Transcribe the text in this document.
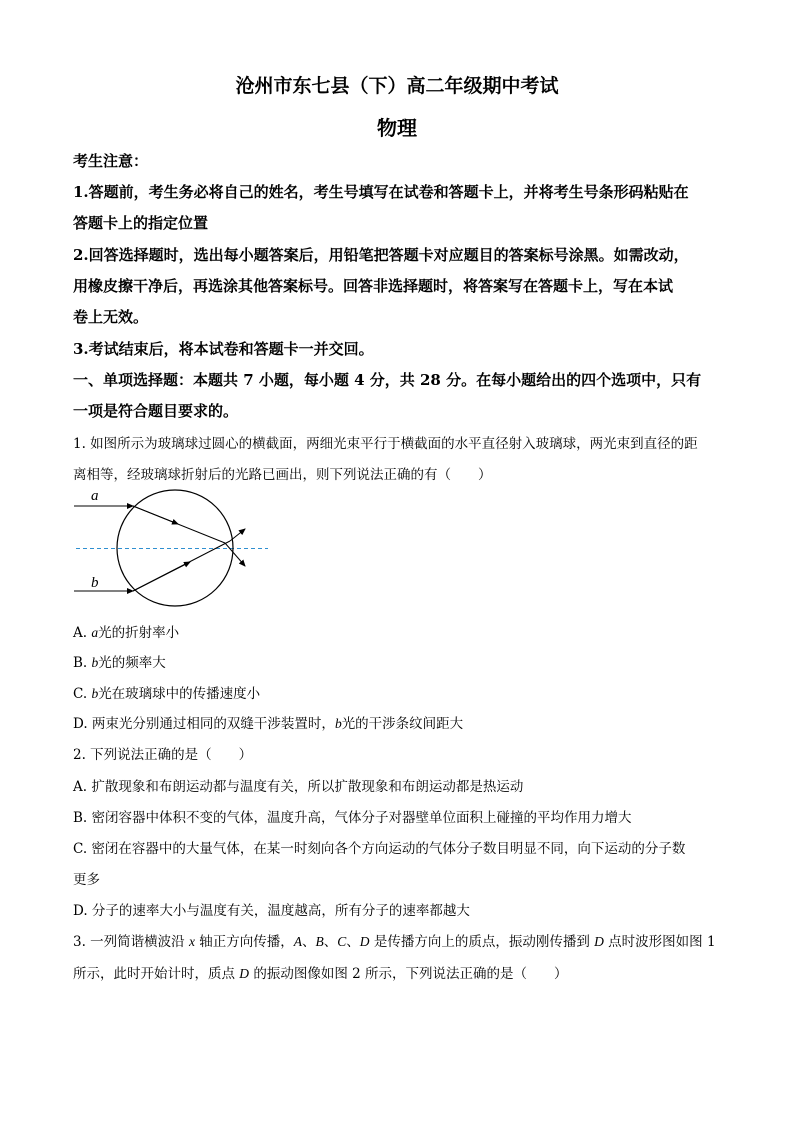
沧州市东七县（下）高二年级期中考试
物理
考生注意：
1.答题前，考生务必将自己的姓名，考生号填写在试卷和答题卡上，并将考生号条形码粘贴在
答题卡上的指定位置
2.回答选择题时，选出每小题答案后，用铅笔把答题卡对应题目的答案标号涂黑。如需改动，
用橡皮擦干净后，再选涂其他答案标号。回答非选择题时，将答案写在答题卡上，写在本试
卷上无效。
3.考试结束后，将本试卷和答题卡一并交回。
一、单项选择题：本题共 7 小题，每小题 4 分，共 28 分。在每小题给出的四个选项中，只有
一项是符合题目要求的。
1. 如图所示为玻璃球过圆心的横截面，两细光束平行于横截面的水平直径射入玻璃球，两光束到直径的距
离相等，经玻璃球折射后的光路已画出，则下列说法正确的有（　　）
a
b
A. a光的折射率小
B. b光的频率大
C. b光在玻璃球中的传播速度小
D. 两束光分别通过相同的双缝干涉装置时，b光的干涉条纹间距大
2. 下列说法正确的是（　　）
A. 扩散现象和布朗运动都与温度有关，所以扩散现象和布朗运动都是热运动
B. 密闭容器中体积不变的气体，温度升高，气体分子对器壁单位面积上碰撞的平均作用力增大
C. 密闭在容器中的大量气体，在某一时刻向各个方向运动的气体分子数目明显不同，向下运动的分子数
更多
D. 分子的速率大小与温度有关，温度越高，所有分子的速率都越大
3. 一列简谐横波沿 x 轴正方向传播，A、B、C、D 是传播方向上的质点，振动刚传播到 D 点时波形图如图 1
所示，此时开始计时，质点 D 的振动图像如图 2 所示，下列说法正确的是（　　）
